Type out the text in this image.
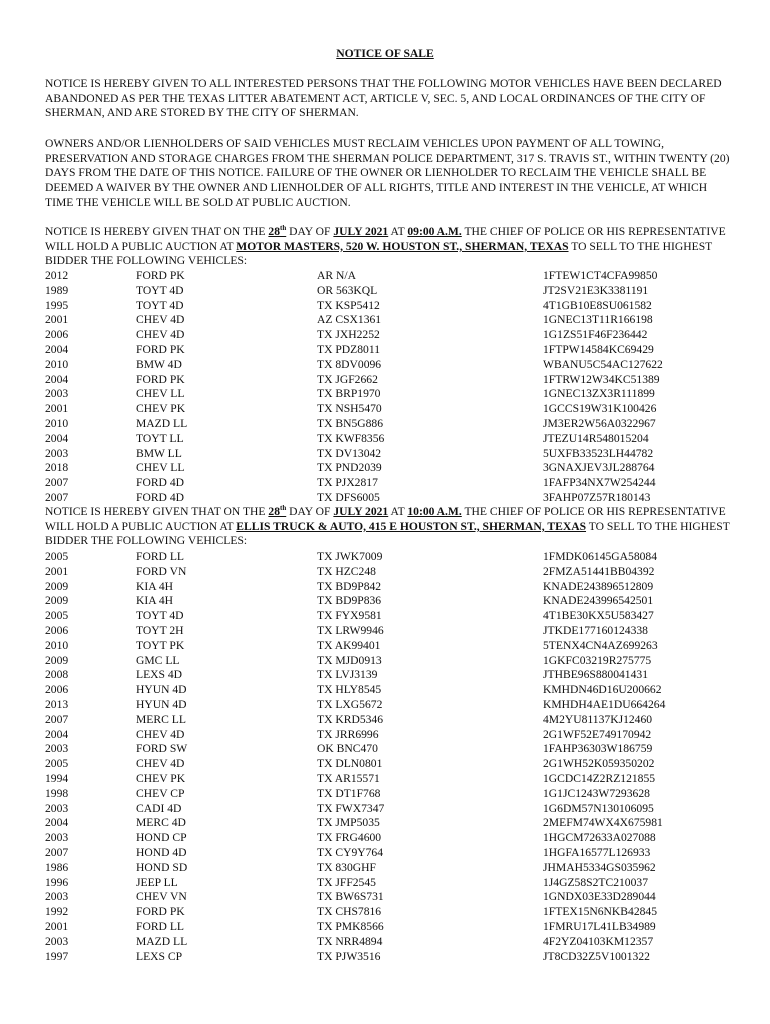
NOTICE OF SALE

NOTICE IS HEREBY GIVEN TO ALL INTERESTED PERSONS THAT THE FOLLOWING MOTOR VEHICLES HAVE BEEN DECLARED ABANDONED AS PER THE TEXAS LITTER ABATEMENT ACT, ARTICLE V, SEC. 5, AND LOCAL ORDINANCES OF THE CITY OF SHERMAN, AND ARE STORED BY THE CITY OF SHERMAN.

OWNERS AND/OR LIENHOLDERS OF SAID VEHICLES MUST RECLAIM VEHICLES UPON PAYMENT OF ALL TOWING, PRESERVATION AND STORAGE CHARGES FROM THE SHERMAN POLICE DEPARTMENT, 317 S. TRAVIS ST., WITHIN TWENTY (20) DAYS FROM THE DATE OF THIS NOTICE. FAILURE OF THE OWNER OR LIENHOLDER TO RECLAIM THE VEHICLE SHALL BE DEEMED A WAIVER BY THE OWNER AND LIENHOLDER OF ALL RIGHTS, TITLE AND INTEREST IN THE VEHICLE, AT WHICH TIME THE VEHICLE WILL BE SOLD AT PUBLIC AUCTION.

NOTICE IS HEREBY GIVEN THAT ON THE 28th DAY OF JULY 2021 AT 09:00 A.M. THE CHIEF OF POLICE OR HIS REPRESENTATIVE WILL HOLD A PUBLIC AUCTION AT MOTOR MASTERS, 520 W. HOUSTON ST., SHERMAN, TEXAS TO SELL TO THE HIGHEST BIDDER THE FOLLOWING VEHICLES:

2012	FORD PK	AR N/A	1FTEW1CT4CFA99850
1989	TOYT 4D	OR 563KQL	JT2SV21E3K3381191
1995	TOYT 4D	TX KSP5412	4T1GB10E8SU061582
2001	CHEV 4D	AZ CSX1361	1GNEC13T11R166198
2006	CHEV 4D	TX JXH2252	1G1ZS51F46F236442
2004	FORD PK	TX PDZ8011	1FTPW14584KC69429
2010	BMW 4D	TX 8DV0096	WBANU5C54AC127622
2004	FORD PK	TX JGF2662	1FTRW12W34KC51389
2003	CHEV LL	TX BRP1970	1GNEC13ZX3R111899
2001	CHEV PK	TX NSH5470	1GCCS19W31K100426
2010	MAZD LL	TX BN5G886	JM3ER2W56A0322967
2004	TOYT LL	TX KWF8356	JTEZU14R548015204
2003	BMW LL	TX DV13042	5UXFB33523LH44782
2018	CHEV LL	TX PND2039	3GNAXJEV3JL288764
2007	FORD 4D	TX PJX2817	1FAFP34NX7W254244
2007	FORD 4D	TX DFS6005	3FAHP07Z57R180143

NOTICE IS HEREBY GIVEN THAT ON THE 28th DAY OF JULY 2021 AT 10:00 A.M. THE CHIEF OF POLICE OR HIS REPRESENTATIVE WILL HOLD A PUBLIC AUCTION AT ELLIS TRUCK & AUTO, 415 E HOUSTON ST., SHERMAN, TEXAS TO SELL TO THE HIGHEST BIDDER THE FOLLOWING VEHICLES:

2005	FORD LL	TX JWK7009	1FMDK06145GA58084
2001	FORD VN	TX HZC248	2FMZA51441BB04392
2009	KIA 4H	TX BD9P842	KNADE243896512809
2009	KIA 4H	TX BD9P836	KNADE243996542501
2005	TOYT 4D	TX FYX9581	4T1BE30KX5U583427
2006	TOYT 2H	TX LRW9946	JTKDE177160124338
2010	TOYT PK	TX AK99401	5TENX4CN4AZ699263
2009	GMC LL	TX MJD0913	1GKFC03219R275775
2008	LEXS 4D	TX LVJ3139	JTHBE96S880041431
2006	HYUN 4D	TX HLY8545	KMHDN46D16U200662
2013	HYUN 4D	TX LXG5672	KMHDH4AE1DU664264
2007	MERC LL	TX KRD5346	4M2YU81137KJ12460
2004	CHEV 4D	TX JRR6996	2G1WF52E749170942
2003	FORD SW	OK BNC470	1FAHP36303W186759
2005	CHEV 4D	TX DLN0801	2G1WH52K059350202
1994	CHEV PK	TX AR15571	1GCDC14Z2RZ121855
1998	CHEV CP	TX DT1F768	1G1JC1243W7293628
2003	CADI 4D	TX FWX7347	1G6DM57N130106095
2004	MERC 4D	TX JMP5035	2MEFM74WX4X675981
2003	HOND CP	TX FRG4600	1HGCM72633A027088
2007	HOND 4D	TX CY9Y764	1HGFA16577L126933
1986	HOND SD	TX 830GHF	JHMAH5334GS035962
1996	JEEP LL	TX JFF2545	1J4GZ58S2TC210037
2003	CHEV VN	TX BW6S731	1GNDX03E33D289044
1992	FORD PK	TX CHS7816	1FTEX15N6NKB42845
2001	FORD LL	TX PMK8566	1FMRU17L41LB34989
2003	MAZD LL	TX NRR4894	4F2YZ04103KM12357
1997	LEXS CP	TX PJW3516	JT8CD32Z5V1001322
